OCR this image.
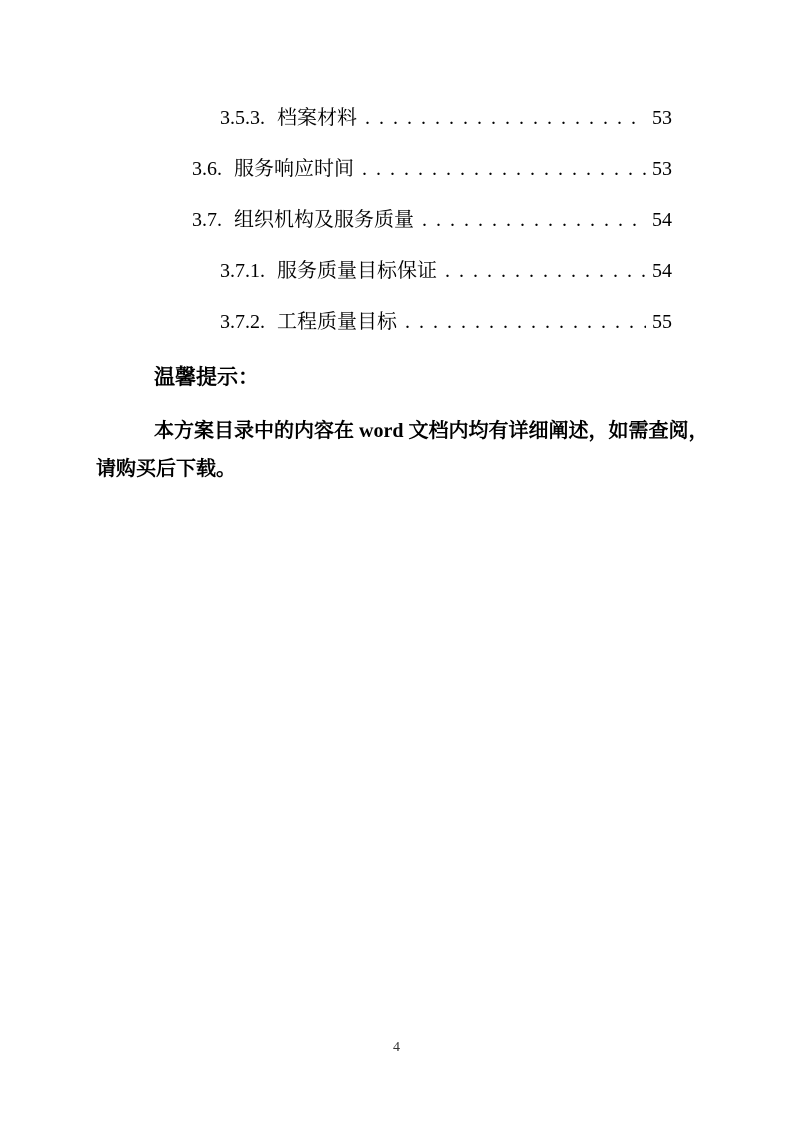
3.5.3. 档案材料 . . .	53
3.6. 服务响应时间 . . .	53
3.7. 组织机构及服务质量 . . .	54
3.7.1. 服务质量目标保证 . . .	54
3.7.2. 工程质量目标 . . .	55
温馨提示：
本方案目录中的内容在 word 文档内均有详细阐述，如需查阅，
请购买后下载。
4
